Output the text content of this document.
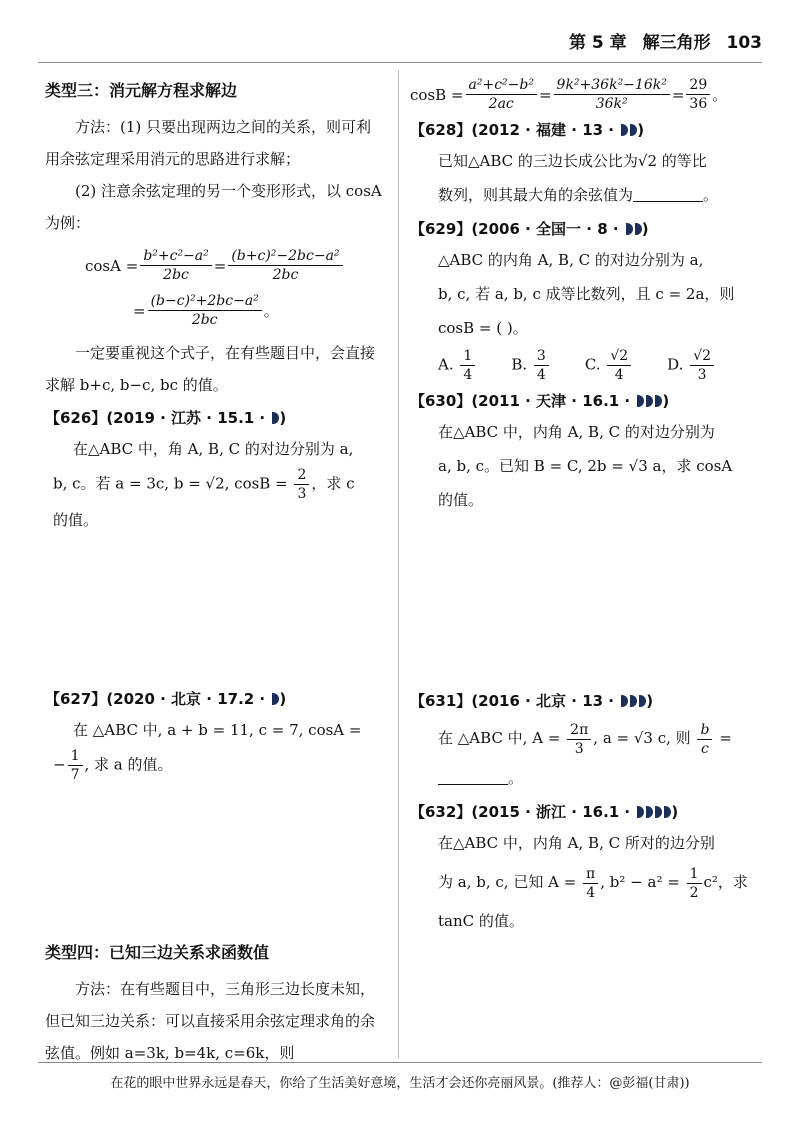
第 5 章 解三角形 103
类型三：消元解方程求解边

方法：(1) 只要出现两边之间的关系，则可利用余弦定理采用消元的思路进行求解；

(2) 注意余弦定理的另一个变形形式，以 cosA 为例：

$\cos A = \frac{\text{b²+c²−a²}}{2bc} = \frac{\text{(b+c)²−2bc−a²}}{2bc}$
= $\frac{\text{(b−c)²+2bc−a²}}{2bc}$ 。

一定要重视这个式子，在有些题目中，会直接求解 b+c, b−c, bc 的值。

【626】(2019 · 江苏 · 15.1 · )

在△ABC 中，角 A, B, C 的对边分别为 a,

b, c。若 a = 3c, b = √2, $\cos B = \frac{2}{3}$ ，求 c

的值。

【627】(2020 · 北京 · 17.2 · )

在 △ABC 中, a + b = 11, c = 7, cosA =

− $\frac{1}{7}$ , 求 a 的值。

类型四：已知三边关系求函数值

方法：在有些题目中，三角形三边长度未知，但已知三边关系：可以直接采用余弦定理求角的余弦值。例如 a=3k, b=4k, c=6k，则

$\cos B = \frac{\text{a²+c²−b²}}{2ac} = \frac{\text{9k²+36k²−16k²}}{\text{36k²}} = \frac{29}{36}$ 。
【628】(2012 · 福建 · 13 · )

已知△ABC 的三边长成公比为√2 的等比

数列，则其最大角的余弦值为	。

【629】(2006 · 全国一 · 8 · )

△ABC 的内角 A, B, C 的对边分别为 a,

b, c, 若 a, b, c 成等比数列，且 c = 2a，则

cosB = ( )。

A. $\frac{1}{4} B$. $\frac{3}{4} C$. $\frac{√2}{4} D$. $\frac{√2}{3}$
【630】(2011 · 天津 · 16.1 · )

在△ABC 中，内角 A, B, C 的对边分别为

a, b, c。已知 B = C, 2b = √3 a，求 cosA

的值。

【631】(2016 · 北京 · 13 · )

在 △ABC 中, $A = \frac{2\pi}{3}$ , a = √3 c, 则 $\frac{b}{c}$ =

。

【632】(2015 · 浙江 · 16.1 ·	)

在△ABC 中，内角 A, B, C 所对的边分别

为 a, b, c, 已知 $A = \frac{\pi}{4}$ , $b^2 - a^2 = \frac{1}{2} c^2$，求

tanC 的值。

在花的眼中世界永远是春天，你给了生活美好意境，生活才会还你亮丽风景。(推荐人：@彭福(甘肃))
